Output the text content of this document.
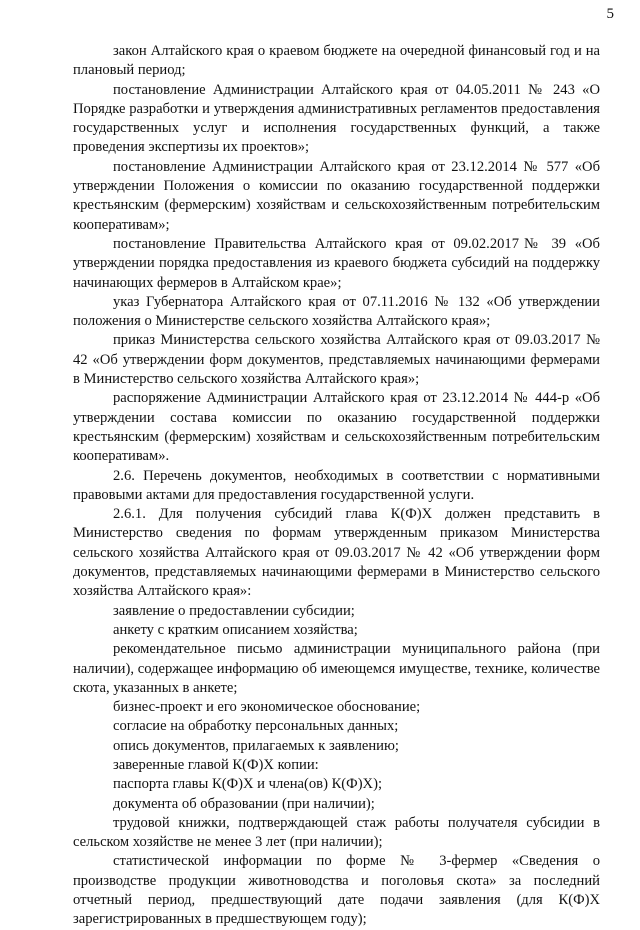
5

закон Алтайского края о краевом бюджете на очередной финансовый год и на плановый период;

постановление Администрации Алтайского края от 04.05.2011 № 243 «О Порядке разработки и утверждения административных регламентов предоставления государственных услуг и исполнения государственных функций, а также проведения экспертизы их проектов»;

постановление Администрации Алтайского края от 23.12.2014 № 577 «Об утверждении Положения о комиссии по оказанию государственной поддержки крестьянским (фермерским) хозяйствам и сельскохозяйственным потребительским кооперативам»;

постановление Правительства Алтайского края от 09.02.2017№ 39 «Об утверждении порядка предоставления из краевого бюджета субсидий на поддержку начинающих фермеров в Алтайском крае»;

указ Губернатора Алтайского края от 07.11.2016 № 132 «Об утверждении положения о Министерстве сельского хозяйства Алтайского края»;

приказ Министерства сельского хозяйства Алтайского края от 09.03.2017 № 42 «Об утверждении форм документов, представляемых начинающими фермерами в Министерство сельского хозяйства Алтайского края»;

распоряжение Администрации Алтайского края от 23.12.2014 № 444-р «Об утверждении состава комиссии по оказанию государственной поддержки крестьянским (фермерским) хозяйствам и сельскохозяйственным потребительским кооперативам».

2.6. Перечень документов, необходимых в соответствии с нормативными правовыми актами для предоставления государственной услуги.

2.6.1. Для получения субсидий глава К(Ф)Х должен представить в Министерство сведения по формам утвержденным приказом Министерства сельского хозяйства Алтайского края от 09.03.2017 № 42 «Об утверждении форм документов, представляемых начинающими фермерами в Министерство сельского хозяйства Алтайского края»:

заявление о предоставлении субсидии;

анкету с кратким описанием хозяйства;

рекомендательное письмо администрации муниципального района (при наличии), содержащее информацию об имеющемся имуществе, технике, количестве скота, указанных в анкете;

бизнес-проект и его экономическое обоснование;

согласие на обработку персональных данных;

опись документов, прилагаемых к заявлению;

заверенные главой К(Ф)Х копии:

паспорта главы К(Ф)Х и члена(ов) К(Ф)Х);

документа об образовании (при наличии);

трудовой книжки, подтверждающей стаж работы получателя субсидии в сельском хозяйстве не менее 3 лет (при наличии);

статистической информации по форме № 3-фермер «Сведения о производстве продукции животноводства и поголовья скота» за последний отчетный период, предшествующий дате подачи заявления (для К(Ф)Х зарегистрированных в предшествующем году);
